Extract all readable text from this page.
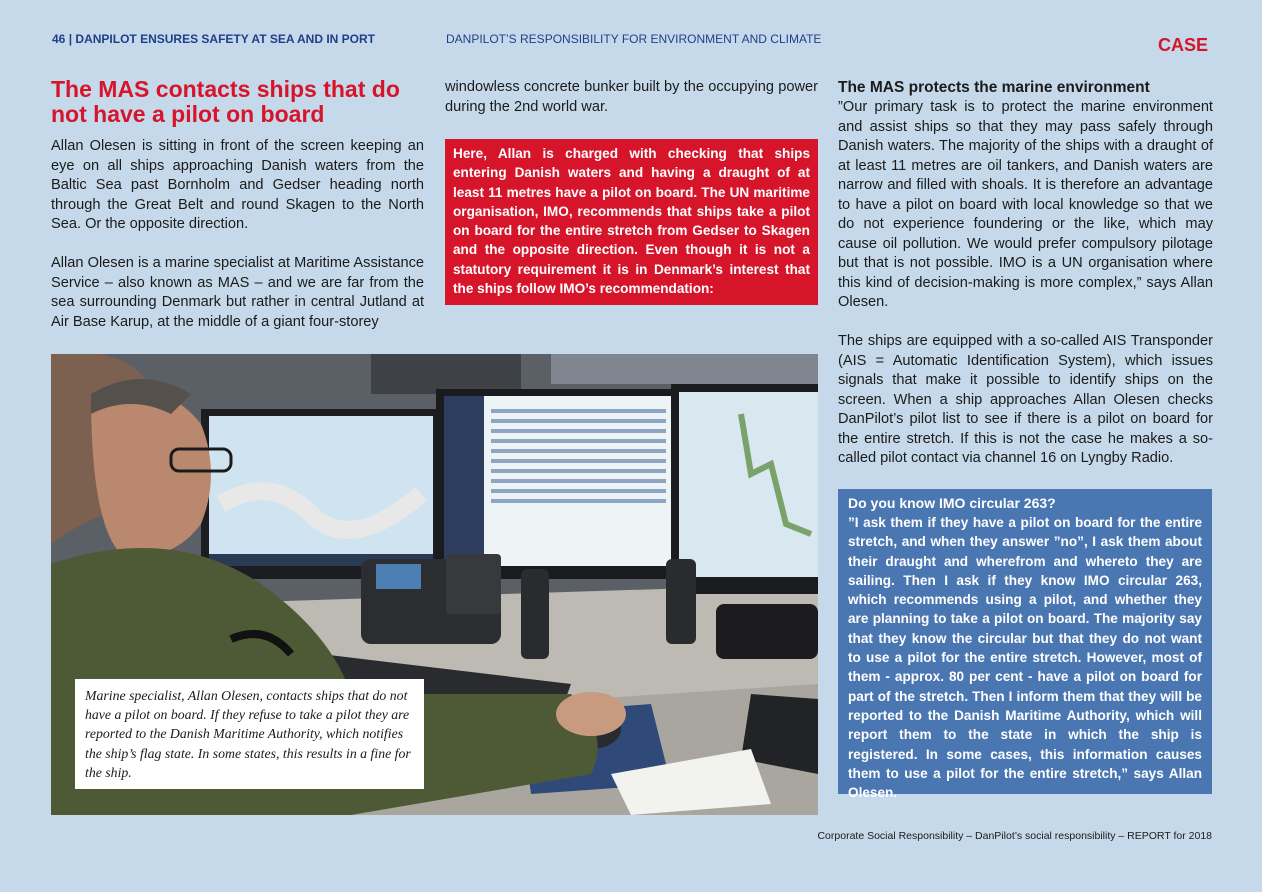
46 | DANPILOT ENSURES SAFETY AT SEA AND IN PORT	DANPILOT’S RESPONSIBILITY FOR ENVIRONMENT AND CLIMATE	CASE
The MAS contacts ships that do not have a pilot on board

Allan Olesen is sitting in front of the screen keeping an eye on all ships approaching Danish waters from the Baltic Sea past Bornholm and Gedser heading north through the Great Belt and round Skagen to the North Sea. Or the opposite direction.

Allan Olesen is a marine specialist at Maritime Assistance Service – also known as MAS – and we are far from the sea surrounding Denmark but rather in central Jutland at Air Base Karup, at the middle of a giant four-storey

windowless concrete bunker built by the occupying power during the 2nd world war.

Here, Allan is charged with checking that ships entering Danish waters and having a draught of at least 11 metres have a pilot on board. The UN maritime organisation, IMO, recommends that ships take a pilot on board for the entire stretch from Gedser to Skagen and the opposite direction. Even though it is not a statutory requirement it is in Denmark’s interest that the ships follow IMO’s recommendation:
The MAS protects the marine environment

”Our primary task is to protect the marine environment and assist ships so that they may pass safely through Danish waters. The majority of the ships with a draught of at least 11 metres are oil tankers, and Danish waters are narrow and filled with shoals. It is therefore an advantage to have a pilot on board with local knowledge so that we do not experience foundering or the like, which may cause oil pollution. We would prefer compulsory pilotage but that is not possible. IMO is a UN organisation where this kind of decision-making is more complex,” says Allan Olesen.

The ships are equipped with a so-called AIS Transponder (AIS = Automatic Identification System), which issues signals that make it possible to identify ships on the screen. When a ship approaches Allan Olesen checks DanPilot’s pilot list to see if there is a pilot on board for the entire stretch. If this is not the case he makes a so-called pilot contact via channel 16 on Lyngby Radio.

Do you know IMO circular 263?
”I ask them if they have a pilot on board for the entire stretch, and when they answer ”no”, I ask them about their draught and wherefrom and whereto they are sailing. Then I ask if they know IMO circular 263, which recommends using a pilot, and whether they are planning to take a pilot on board. The majority say that they know the circular but that they do not want to use a pilot for the entire stretch. However, most of them - approx. 80 per cent - have a pilot on board for part of the stretch. Then I inform them that they will be reported to the Danish Maritime Authority, which will report them to the state in which the ship is registered. In some cases, this information causes them to use a pilot for the entire stretch,” says Allan Olesen.
Marine specialist, Allan Olesen, contacts ships that do not have a pilot on board. If they refuse to take a pilot they are reported to the Danish Maritime Authority, which notifies the ship’s flag state. In some states, this results in a fine for the ship.
Corporate Social Responsibility – DanPilot’s social responsibility – REPORT for 2018
